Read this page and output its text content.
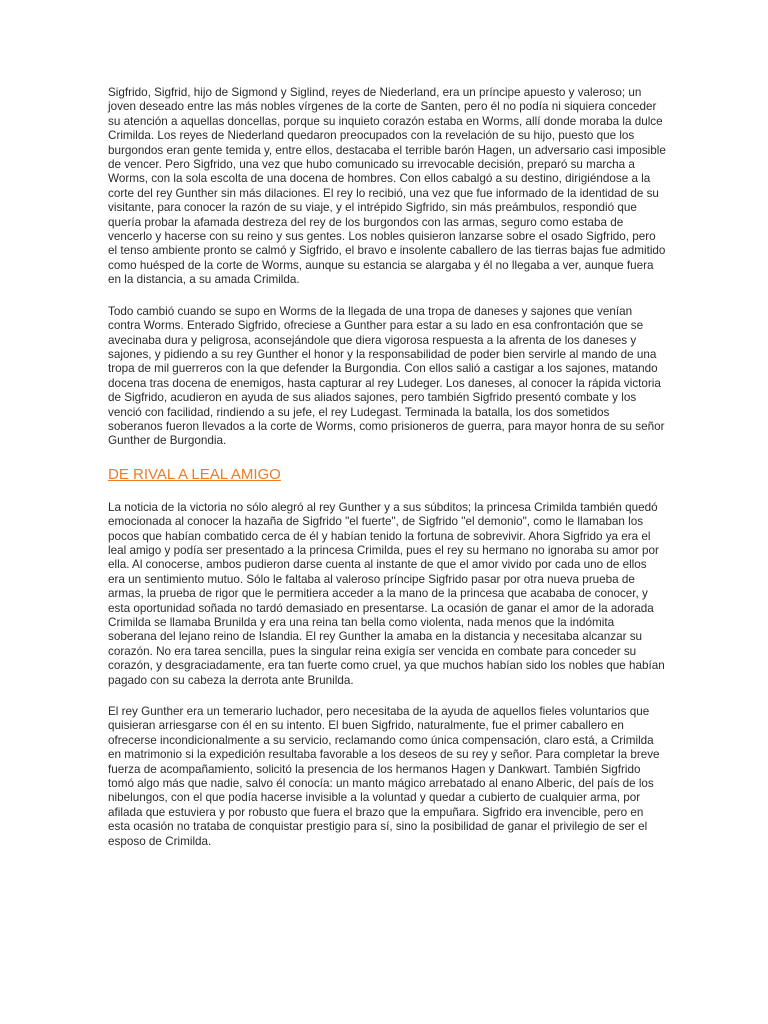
Sigfrido, Sigfrid, hijo de Sigmond y Siglind, reyes de Niederland, era un príncipe apuesto y valeroso; un joven deseado entre las más nobles vírgenes de la corte de Santen, pero él no podía ni siquiera conceder su atención a aquellas doncellas, porque su inquieto corazón estaba en Worms, allí donde moraba la dulce Crimilda. Los reyes de Niederland quedaron preocupados con la revelación de su hijo, puesto que los burgondos eran gente temida y, entre ellos, destacaba el terrible barón Hagen, un adversario casi imposible de vencer. Pero Sigfrido, una vez que hubo comunicado su irrevocable decisión, preparó su marcha a Worms, con la sola escolta de una docena de hombres. Con ellos cabalgó a su destino, dirigiéndose a la corte del rey Gunther sin más dilaciones. El rey lo recibió, una vez que fue informado de la identidad de su visitante, para conocer la razón de su viaje, y el intrépido Sigfrido, sin más preámbulos, respondió que quería probar la afamada destreza del rey de los burgondos con las armas, seguro como estaba de vencerlo y hacerse con su reino y sus gentes. Los nobles quisieron lanzarse sobre el osado Sigfrido, pero el tenso ambiente pronto se calmó y Sigfrido, el bravo e insolente caballero de las tierras bajas fue admitido como huésped de la corte de Worms, aunque su estancia se alargaba y él no llegaba a ver, aunque fuera en la distancia, a su amada Crimilda.

Todo cambió cuando se supo en Worms de la llegada de una tropa de daneses y sajones que venían contra Worms. Enterado Sigfrido, ofreciese a Gunther para estar a su lado en esa confrontación que se avecinaba dura y peligrosa, aconsejándole que diera vigorosa respuesta a la afrenta de los daneses y sajones, y pidiendo a su rey Gunther el honor y la responsabilidad de poder bien servirle al mando de una tropa de mil guerreros con la que defender la Burgondia. Con ellos salió a castigar a los sajones, matando docena tras docena de enemigos, hasta capturar al rey Ludeger. Los daneses, al conocer la rápida victoria de Sigfrido, acudieron en ayuda de sus aliados sajones, pero también Sigfrido presentó combate y los venció con facilidad, rindiendo a su jefe, el rey Ludegast. Terminada la batalla, los dos sometidos soberanos fueron llevados a la corte de Worms, como prisioneros de guerra, para mayor honra de su señor Gunther de Burgondia.

DE RIVAL A LEAL AMIGO

La noticia de la victoria no sólo alegró al rey Gunther y a sus súbditos; la princesa Crimilda también quedó emocionada al conocer la hazaña de Sigfrido "el fuerte", de Sigfrido "el demonio", como le llamaban los pocos que habían combatido cerca de él y habían tenido la fortuna de sobrevivir. Ahora Sigfrido ya era el leal amigo y podía ser presentado a la princesa Crimilda, pues el rey su hermano no ignoraba su amor por ella. Al conocerse, ambos pudieron darse cuenta al instante de que el amor vivido por cada uno de ellos era un sentimiento mutuo. Sólo le faltaba al valeroso príncipe Sigfrido pasar por otra nueva prueba de armas, la prueba de rigor que le permitiera acceder a la mano de la princesa que acababa de conocer, y esta oportunidad soñada no tardó demasiado en presentarse. La ocasión de ganar el amor de la adorada Crimilda se llamaba Brunilda y era una reina tan bella como violenta, nada menos que la indómita soberana del lejano reino de Islandia. El rey Gunther la amaba en la distancia y necesitaba alcanzar su corazón. No era tarea sencilla, pues la singular reina exigía ser vencida en combate para conceder su corazón, y desgraciadamente, era tan fuerte como cruel, ya que muchos habían sido los nobles que habían pagado con su cabeza la derrota ante Brunilda.

El rey Gunther era un temerario luchador, pero necesitaba de la ayuda de aquellos fieles voluntarios que quisieran arriesgarse con él en su intento. El buen Sigfrido, naturalmente, fue el primer caballero en ofrecerse incondicionalmente a su servicio, reclamando como única compensación, claro está, a Crimilda en matrimonio si la expedición resultaba favorable a los deseos de su rey y señor. Para completar la breve fuerza de acompañamiento, solicitó la presencia de los hermanos Hagen y Dankwart. También Sigfrido tomó algo más que nadie, salvo él conocía: un manto mágico arrebatado al enano Alberic, del país de los nibelungos, con el que podía hacerse invisible a la voluntad y quedar a cubierto de cualquier arma, por afilada que estuviera y por robusto que fuera el brazo que la empuñara. Sigfrido era invencible, pero en esta ocasión no trataba de conquistar prestigio para sí, sino la posibilidad de ganar el privilegio de ser el esposo de Crimilda.
